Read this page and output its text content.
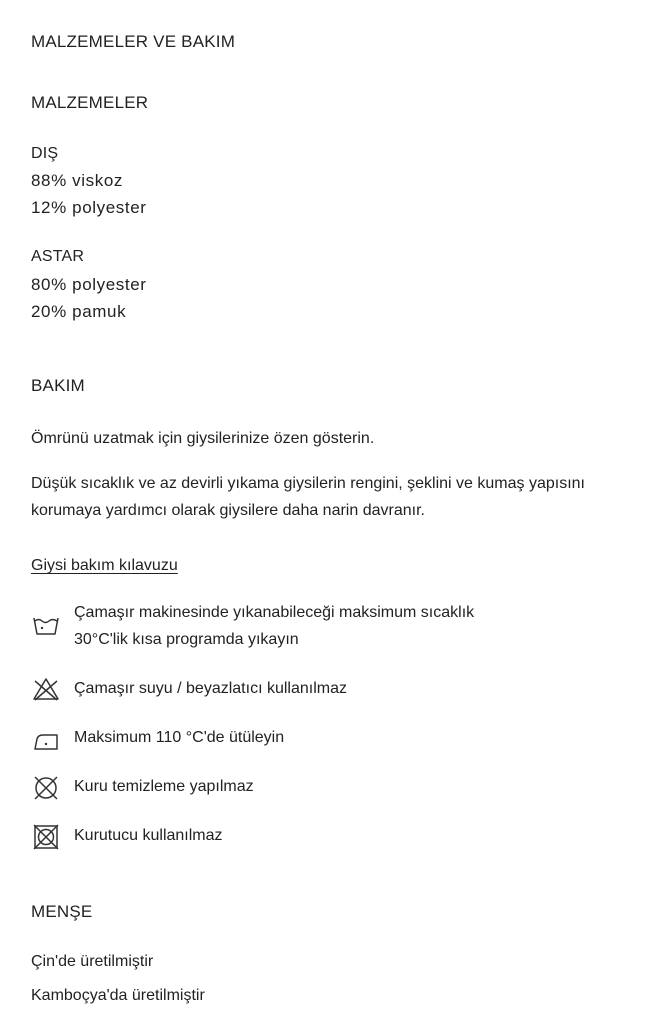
MALZEMELER VE BAKIM
MALZEMELER
DIŞ
88% viskoz
12% polyester
ASTAR
80% polyester
20% pamuk
BAKIM
Ömrünü uzatmak için giysilerinize özen gösterin.
Düşük sıcaklık ve az devirli yıkama giysilerin rengini, şeklini ve kumaş yapısını korumaya yardımcı olarak giysilere daha narin davranır.
Giysi bakım kılavuzu
Çamaşır makinesinde yıkanabileceği maksimum sıcaklık
30°C'lik kısa programda yıkayın
Çamaşır suyu / beyazlatıcı kullanılmaz
Maksimum 110 °C'de ütüleyin
Kuru temizleme yapılmaz
Kurutucu kullanılmaz
MENŞE
Çin'de üretilmiştir
Kamboçya'da üretilmiştir
